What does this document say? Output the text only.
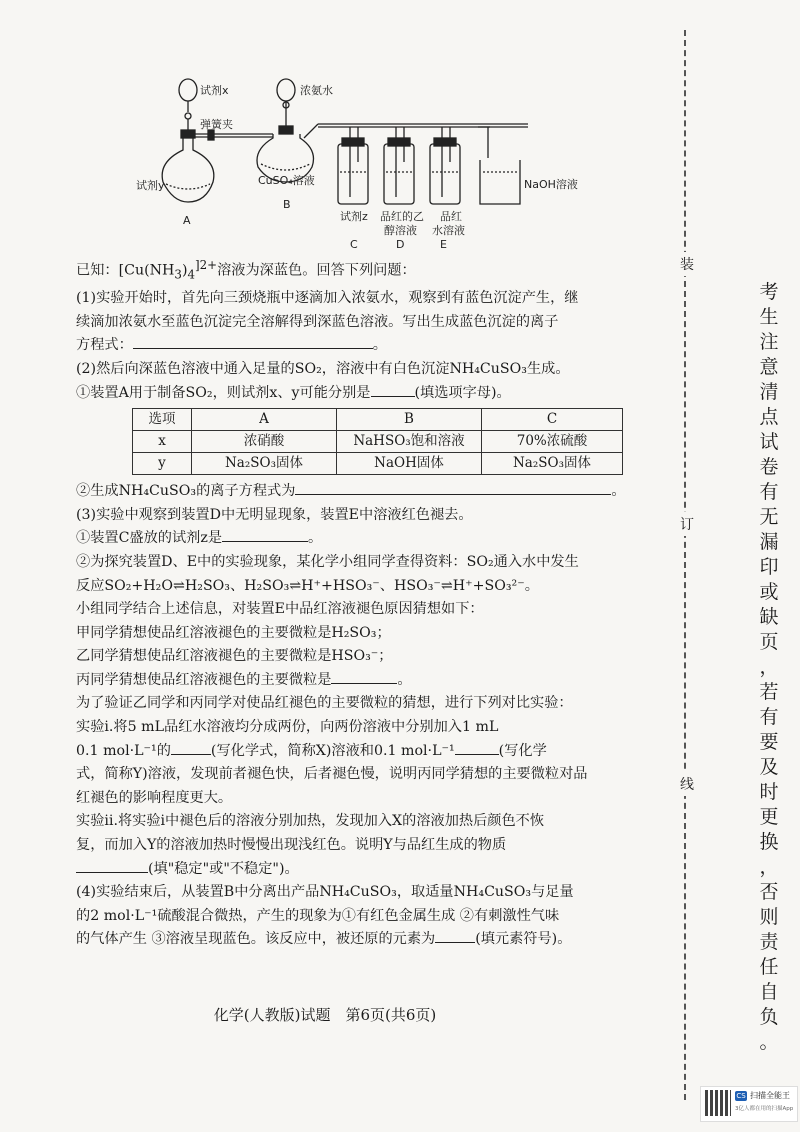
试剂x
弹簧夹
试剂y
A
浓氨水
CuSO₄溶液
B
NaOH溶液
试剂z
C
品红的乙
醇溶液
D
品红
水溶液
E

已知：[$Cu(NH_3)_4^{]2+}$溶液为深蓝色。回答下列问题：

(1)实验开始时，首先向三颈烧瓶中逐滴加入浓氨水，观察到有蓝色沉淀产生，继

续滴加浓氨水至蓝色沉淀完全溶解得到深蓝色溶液。写出生成蓝色沉淀的离子

方程式：	。

(2)然后向深蓝色溶液中通入足量的SO₂，溶液中有白色沉淀NH₄CuSO₃生成。

①装置A用于制备SO₂，则试剂x、y可能分别是	(填选项字母)。

选项	A	B	C
x	浓硝酸	NaHSO₃饱和溶液	70%浓硫酸
y	Na₂SO₃固体	NaOH固体	Na₂SO₃固体

②生成NH₄CuSO₃的离子方程式为	。

(3)实验中观察到装置D中无明显现象，装置E中溶液红色褪去。

①装置C盛放的试剂z是	。

②为探究装置D、E中的实验现象，某化学小组同学查得资料：SO₂通入水中发生

反应SO₂+H₂O⇌H₂SO₃、H₂SO₃⇌H⁺+HSO₃⁻、HSO₃⁻⇌H⁺+SO₃²⁻。

小组同学结合上述信息，对装置E中品红溶液褪色原因猜想如下：

甲同学猜想使品红溶液褪色的主要微粒是H₂SO₃；

乙同学猜想使品红溶液褪色的主要微粒是HSO₃⁻；

丙同学猜想使品红溶液褪色的主要微粒是	。

为了验证乙同学和丙同学对使品红褪色的主要微粒的猜想，进行下列对比实验：

实验ⅰ.将5 mL品红水溶液均分成两份，向两份溶液中分别加入1 mL

0.1 mol·L⁻¹的	(写化学式，简称X)溶液和0.1 mol·L⁻¹	(写化学

式，简称Y)溶液，发现前者褪色快，后者褪色慢，说明丙同学猜想的主要微粒对品

红褪色的影响程度更大。

实验ⅱ.将实验ⅰ中褪色后的溶液分别加热，发现加入X的溶液加热后颜色不恢

复，而加入Y的溶液加热时慢慢出现浅红色。说明Y与品红生成的物质

(填"稳定"或"不稳定")。

(4)实验结束后，从装置B中分离出产品NH₄CuSO₃，取适量NH₄CuSO₃与足量

的2 mol·L⁻¹硫酸混合微热，产生的现象为①有红色金属生成 ②有刺激性气味

的气体产生 ③溶液呈现蓝色。该反应中，被还原的元素为	(填元素符号)。

化学(人教版)试题　第6页(共6页)
装
订
线
考
生
注
意
清
点
试
卷
有
无
漏
印
或
缺
页
，
若
有
要
及
时
更
换
，
否
则
责
任
自
负
。
CS 扫描全能王
3亿人都在用的扫描App
